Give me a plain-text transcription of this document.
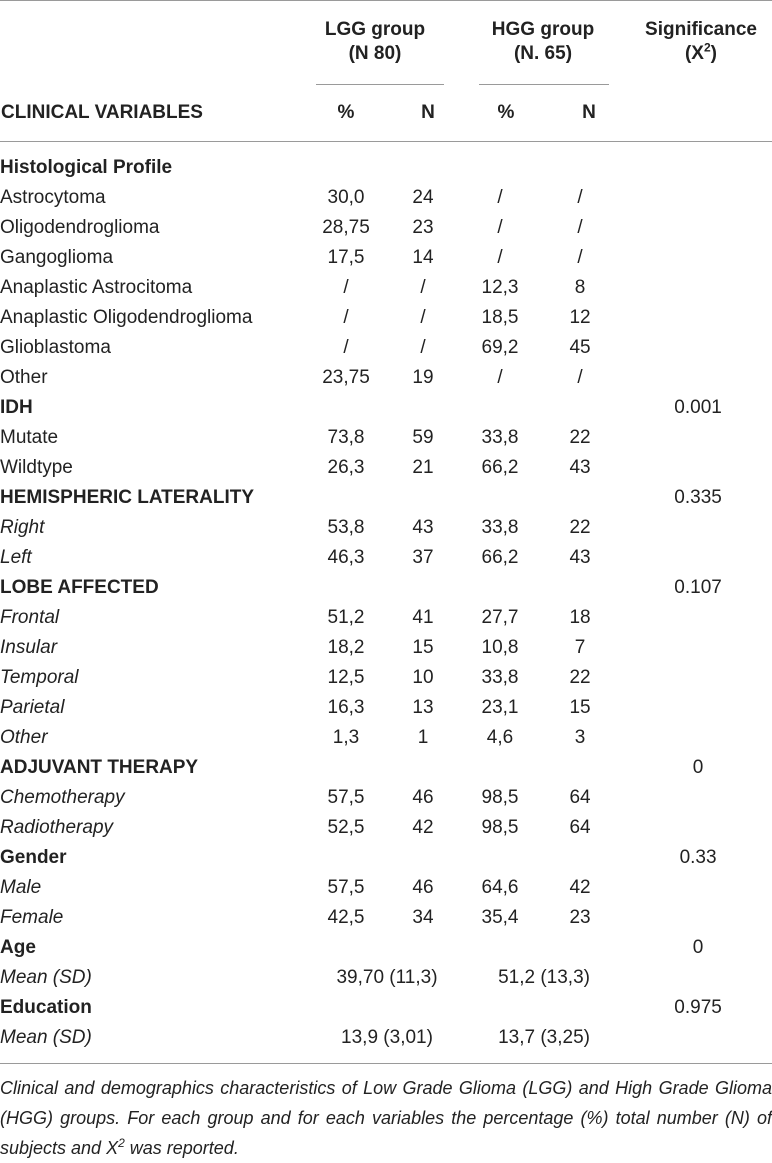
LGG group
(N 80)
HGG group
(N. 65)
Significance
$(X^2)$
CLINICAL VARIABLES	%	N	%	N
Histological Profile					
Astrocytoma	30,0	24	/	/	
Oligodendroglioma	28,75	23	/	/	
Gangoglioma	17,5	14	/	/	
Anaplastic Astrocitoma	/	/	12,3	8	
Anaplastic Oligodendroglioma	/	/	18,5	12	
Glioblastoma	/	/	69,2	45	
Other	23,75	19	/	/	
IDH					0.001
Mutate	73,8	59	33,8	22	
Wildtype	26,3	21	66,2	43	
HEMISPHERIC LATERALITY					0.335
Right	53,8	43	33,8	22	
Left	46,3	37	66,2	43	
LOBE AFFECTED					0.107
Frontal	51,2	41	27,7	18	
Insular	18,2	15	10,8	7	
Temporal	12,5	10	33,8	22	
Parietal	16,3	13	23,1	15	
Other	1,3	1	4,6	3	
ADJUVANT THERAPY					0
Chemotherapy	57,5	46	98,5	64	
Radiotherapy	52,5	42	98,5	64	
Gender					0.33
Male	57,5	46	64,6	42	
Female	42,5	34	35,4	23	
Age					0
Mean (SD)	39,70 (11,3)		51,2 (13,3)		
Education					0.975
Mean (SD)	13,9 (3,01)		13,7 (3,25)		
Clinical and demographics characteristics of Low Grade Glioma (LGG) and High Grade Glioma (HGG) groups. For each group and for each variables the percentage (%) total number (N) of subjects and $X^2$ was reported.
